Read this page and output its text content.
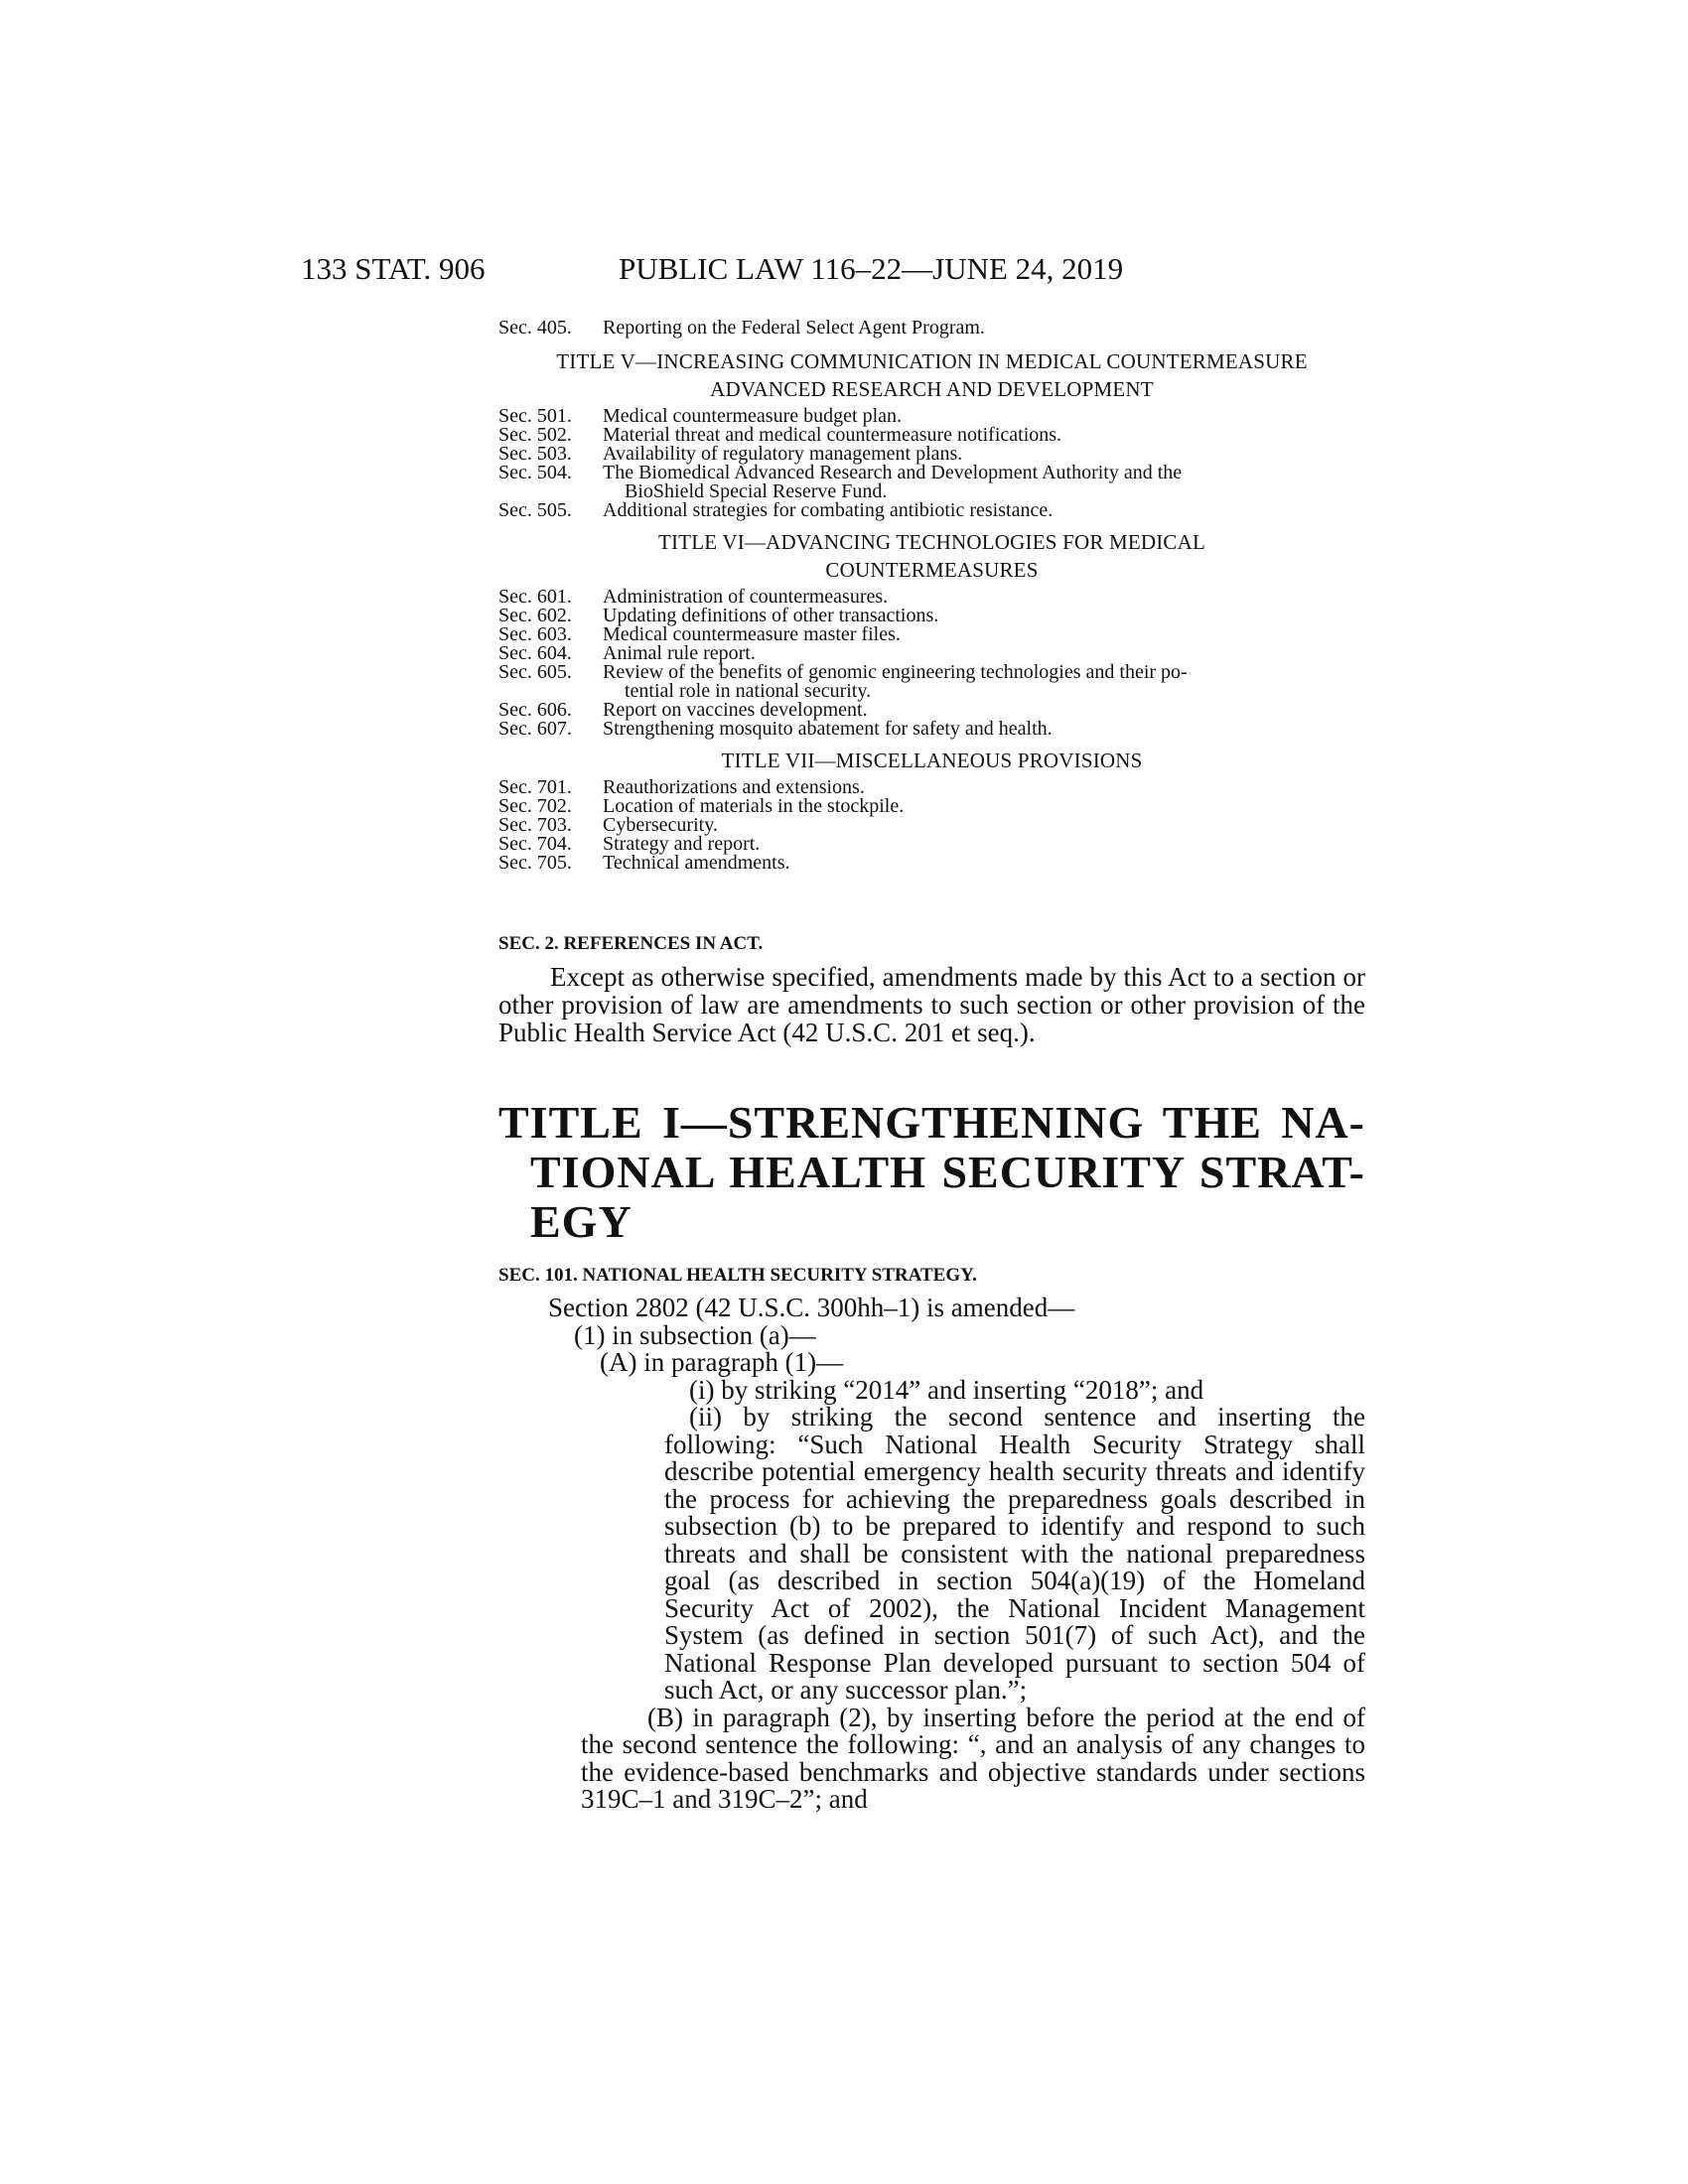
133 STAT. 906	PUBLIC LAW 116–22—JUNE 24, 2019
Sec. 405.	Reporting on the Federal Select Agent Program.
TITLE V—INCREASING COMMUNICATION IN MEDICAL COUNTERMEASURE
ADVANCED RESEARCH AND DEVELOPMENT
Sec. 501.	Medical countermeasure budget plan.
Sec. 502.	Material threat and medical countermeasure notifications.
Sec. 503.	Availability of regulatory management plans.
Sec. 504.	The Biomedical Advanced Research and Development Authority and the
BioShield Special Reserve Fund.
Sec. 505.	Additional strategies for combating antibiotic resistance.
TITLE VI—ADVANCING TECHNOLOGIES FOR MEDICAL
COUNTERMEASURES
Sec. 601.	Administration of countermeasures.
Sec. 602.	Updating definitions of other transactions.
Sec. 603.	Medical countermeasure master files.
Sec. 604.	Animal rule report.
Sec. 605.	Review of the benefits of genomic engineering technologies and their po-
tential role in national security.
Sec. 606.	Report on vaccines development.
Sec. 607.	Strengthening mosquito abatement for safety and health.
TITLE VII—MISCELLANEOUS PROVISIONS
Sec. 701.	Reauthorizations and extensions.
Sec. 702.	Location of materials in the stockpile.
Sec. 703.	Cybersecurity.
Sec. 704.	Strategy and report.
Sec. 705.	Technical amendments.
SEC. 2. REFERENCES IN ACT.
Except as otherwise specified, amendments made by this Act to a section or other provision of law are amendments to such section or other provision of the Public Health Service Act (42 U.S.C. 201 et seq.).
TITLE I—STRENGTHENING THE NA-
TIONAL HEALTH SECURITY STRAT-
EGY
SEC. 101. NATIONAL HEALTH SECURITY STRATEGY.
Section 2802 (42 U.S.C. 300hh–1) is amended—
(1) in subsection (a)—
(A) in paragraph (1)—
(i) by striking “2014” and inserting “2018”; and
(ii) by striking the second sentence and inserting the following: “Such National Health Security Strategy shall describe potential emergency health security threats and identify the process for achieving the preparedness goals described in subsection (b) to be prepared to identify and respond to such threats and shall be consistent with the national preparedness goal (as described in section 504(a)(19) of the Homeland Security Act of 2002), the National Incident Management System (as defined in section 501(7) of such Act), and the National Response Plan developed pursuant to section 504 of such Act, or any successor plan.”;
(B) in paragraph (2), by inserting before the period at the end of the second sentence the following: “, and an analysis of any changes to the evidence-based benchmarks and objective standards under sections 319C–1 and 319C–2”; and
